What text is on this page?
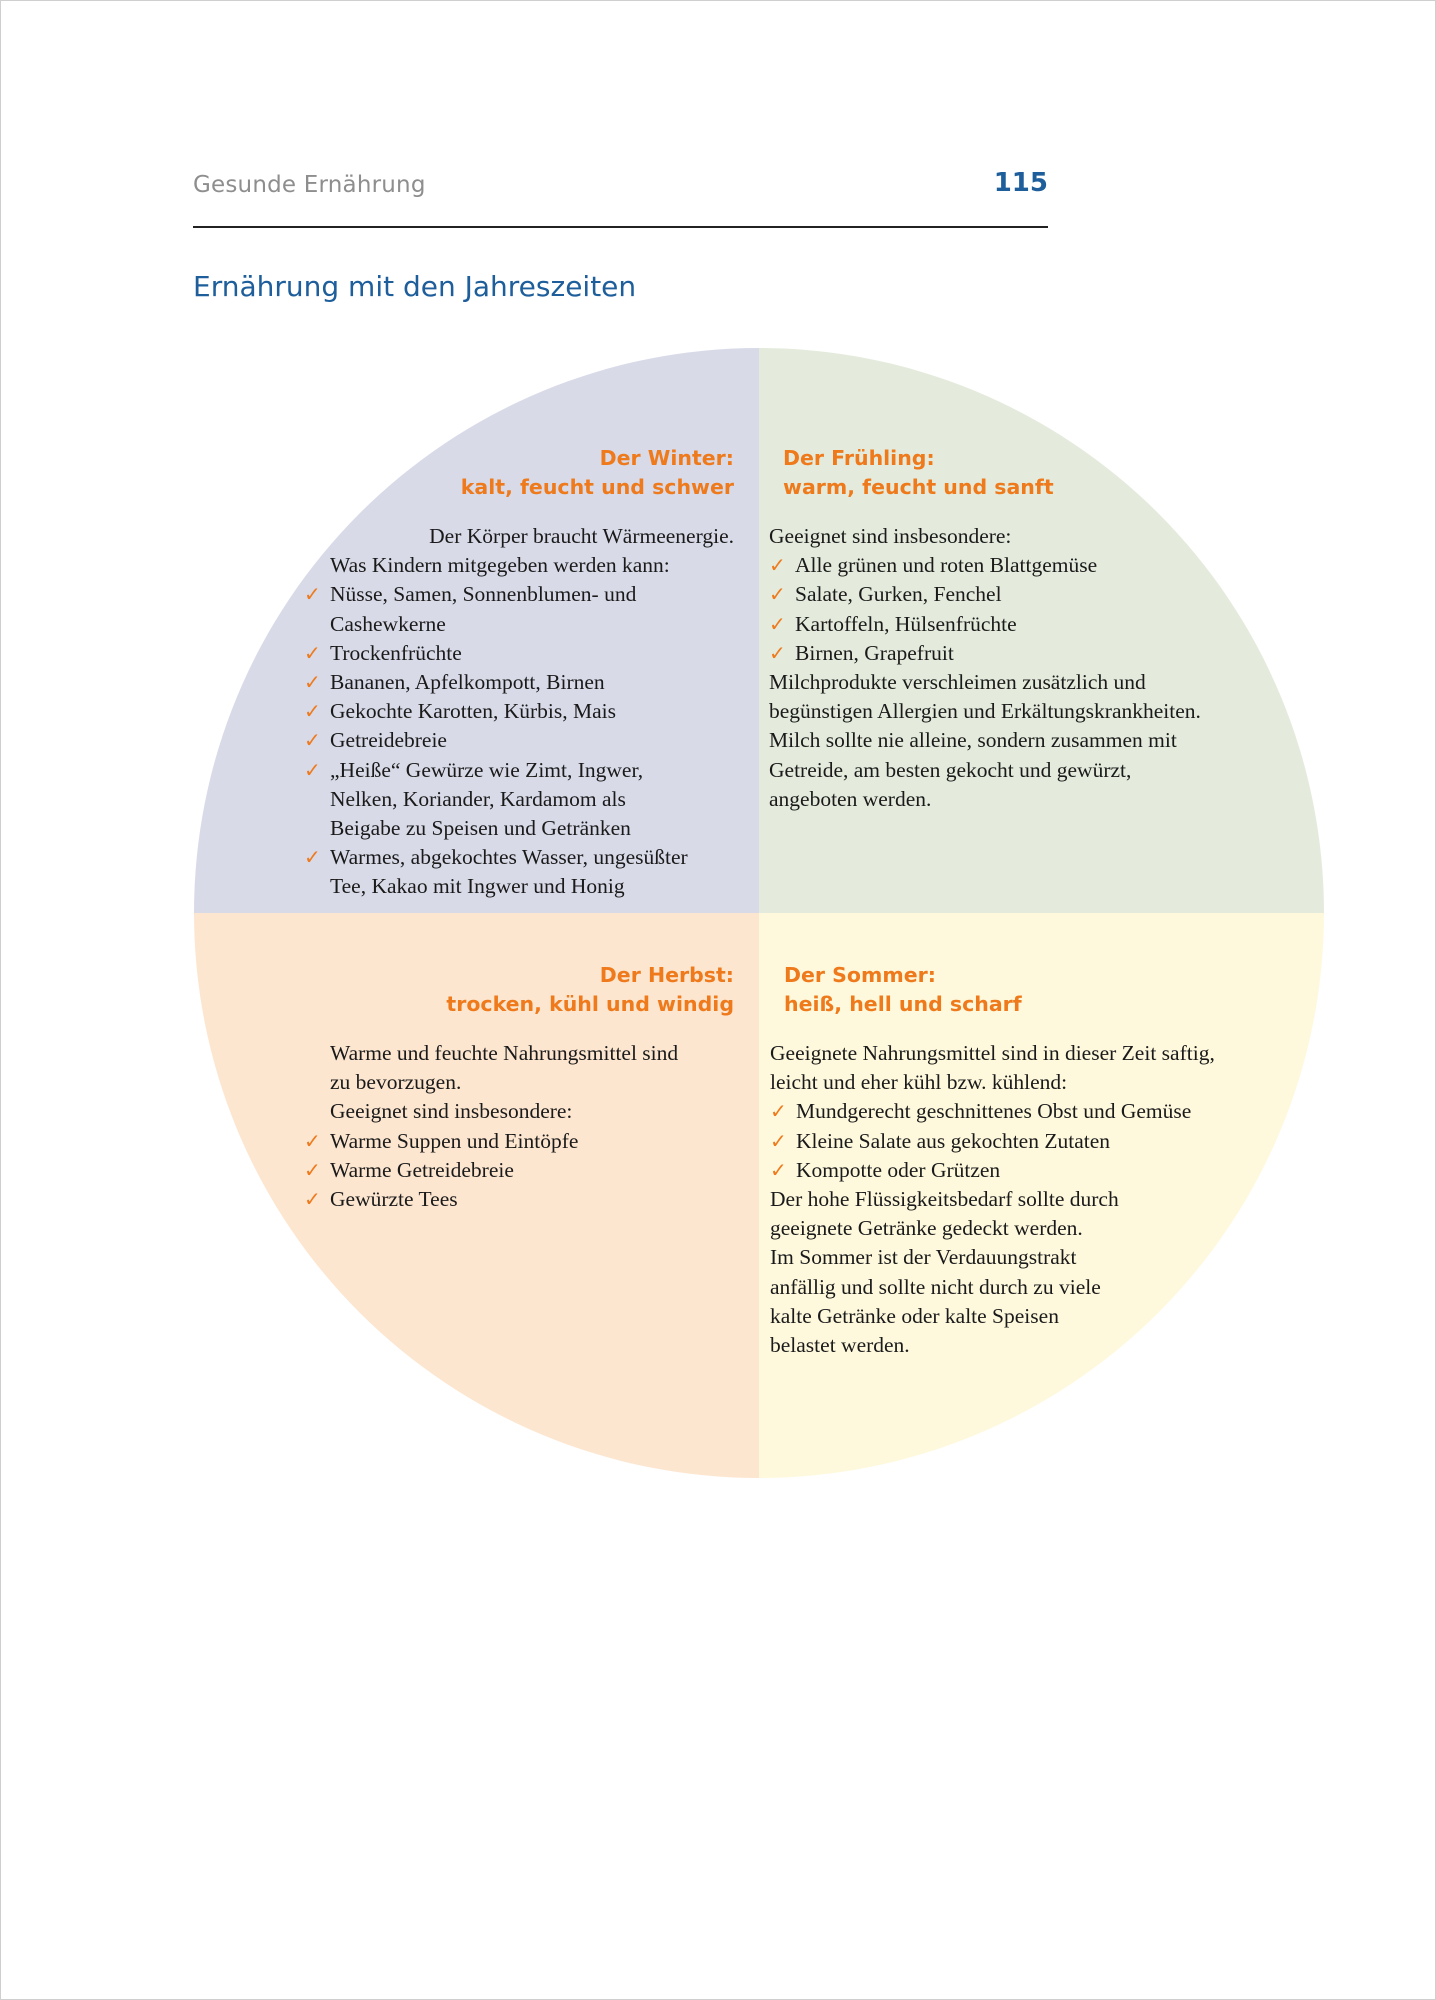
Gesunde Ernährung	115
Ernährung mit den Jahreszeiten
Der Winter:
kalt, feucht und schwer

Der Körper braucht Wärmeenergie.

Was Kindern mitgegeben werden kann:

✓ Nüsse, Samen, Sonnenblumen- und
Cashewkerne
✓ Trockenfrüchte
✓ Bananen, Apfelkompott, Birnen
✓ Gekochte Karotten, Kürbis, Mais
✓ Getreidebreie
✓ „Heiße“ Gewürze wie Zimt, Ingwer,
Nelken, Koriander, Kardamom als
Beigabe zu Speisen und Getränken
✓ Warmes, abgekochtes Wasser, ungesüßter
Tee, Kakao mit Ingwer und Honig
Der Frühling:
warm, feucht und sanft

Geeignet sind insbesondere:

✓ Alle grünen und roten Blattgemüse
✓ Salate, Gurken, Fenchel
✓ Kartoffeln, Hülsenfrüchte
✓ Birnen, Grapefruit
Milchprodukte verschleimen zusätzlich und
begünstigen Allergien und Erkältungskrankheiten.
Milch sollte nie alleine, sondern zusammen mit
Getreide, am besten gekocht und gewürzt,
angeboten werden.
Der Herbst:
trocken, kühl und windig
Warme und feuchte Nahrungsmittel sind
zu bevorzugen.
Geeignet sind insbesondere:
✓ Warme Suppen und Eintöpfe
✓ Warme Getreidebreie
✓ Gewürzte Tees
Der Sommer:
heiß, hell und scharf
Geeignete Nahrungsmittel sind in dieser Zeit saftig,
leicht und eher kühl bzw. kühlend:
✓ Mundgerecht geschnittenes Obst und Gemüse
✓ Kleine Salate aus gekochten Zutaten
✓ Kompotte oder Grützen
Der hohe Flüssigkeitsbedarf sollte durch
geeignete Getränke gedeckt werden.
Im Sommer ist der Verdauungstrakt
anfällig und sollte nicht durch zu viele
kalte Getränke oder kalte Speisen
belastet werden.
